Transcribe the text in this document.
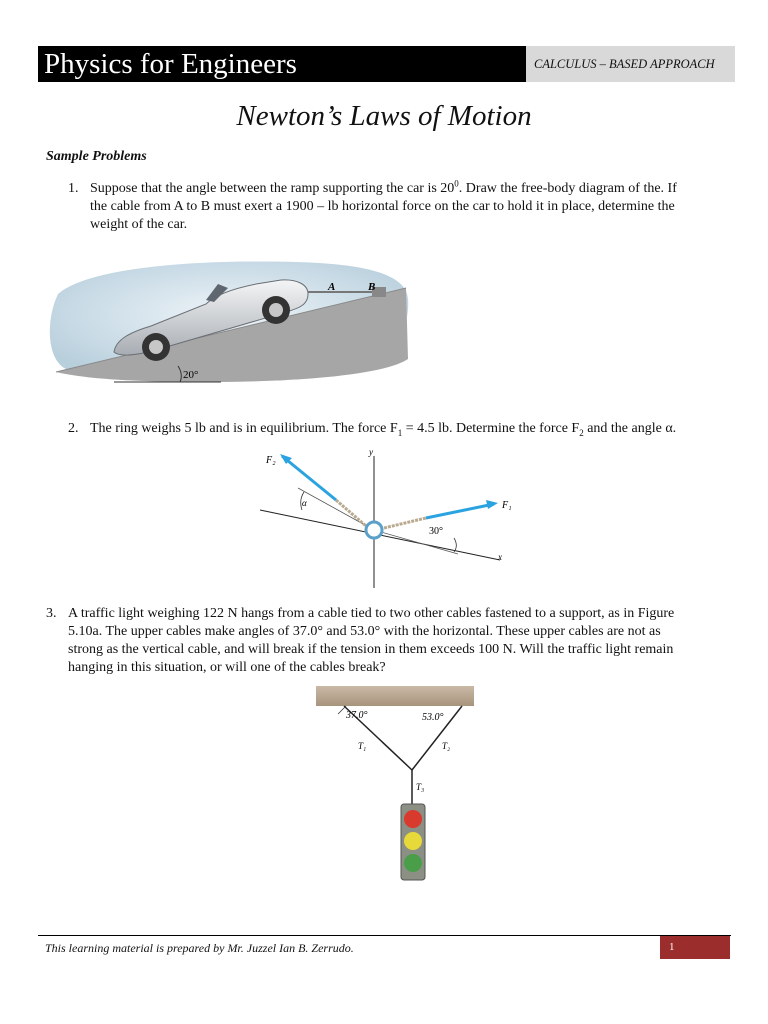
Physics for Engineers	CALCULUS – BASED APPROACH
Newton’s Laws of Motion
Sample Problems
1. Suppose that the angle between the ramp supporting the car is $20^0$. Draw the free-body diagram of the. If
the cable from A to B must exert a 1900 – lb horizontal force on the car to hold it in place, determine the
weight of the car.
A	B
20°
2. The ring weighs 5 lb and is in equilibrium. The force $F_1 = 4.5$ lb. Determine the force $F_2$ and the angle α.
F₂
F₁
y
x
α
30°
3. A traffic light weighing 122 N hangs from a cable tied to two other cables fastened to a support, as in Figure
5.10a. The upper cables make angles of 37.0° and 53.0° with the horizontal. These upper cables are not as
strong as the vertical cable, and will break if the tension in them exceeds 100 N. Will the traffic light remain
hanging in this situation, or will one of the cables break?
37.0°	53.0°
T₁	T₂
T₃
This learning material is prepared by Mr. Juzzel Ian B. Zerrudo.	1
